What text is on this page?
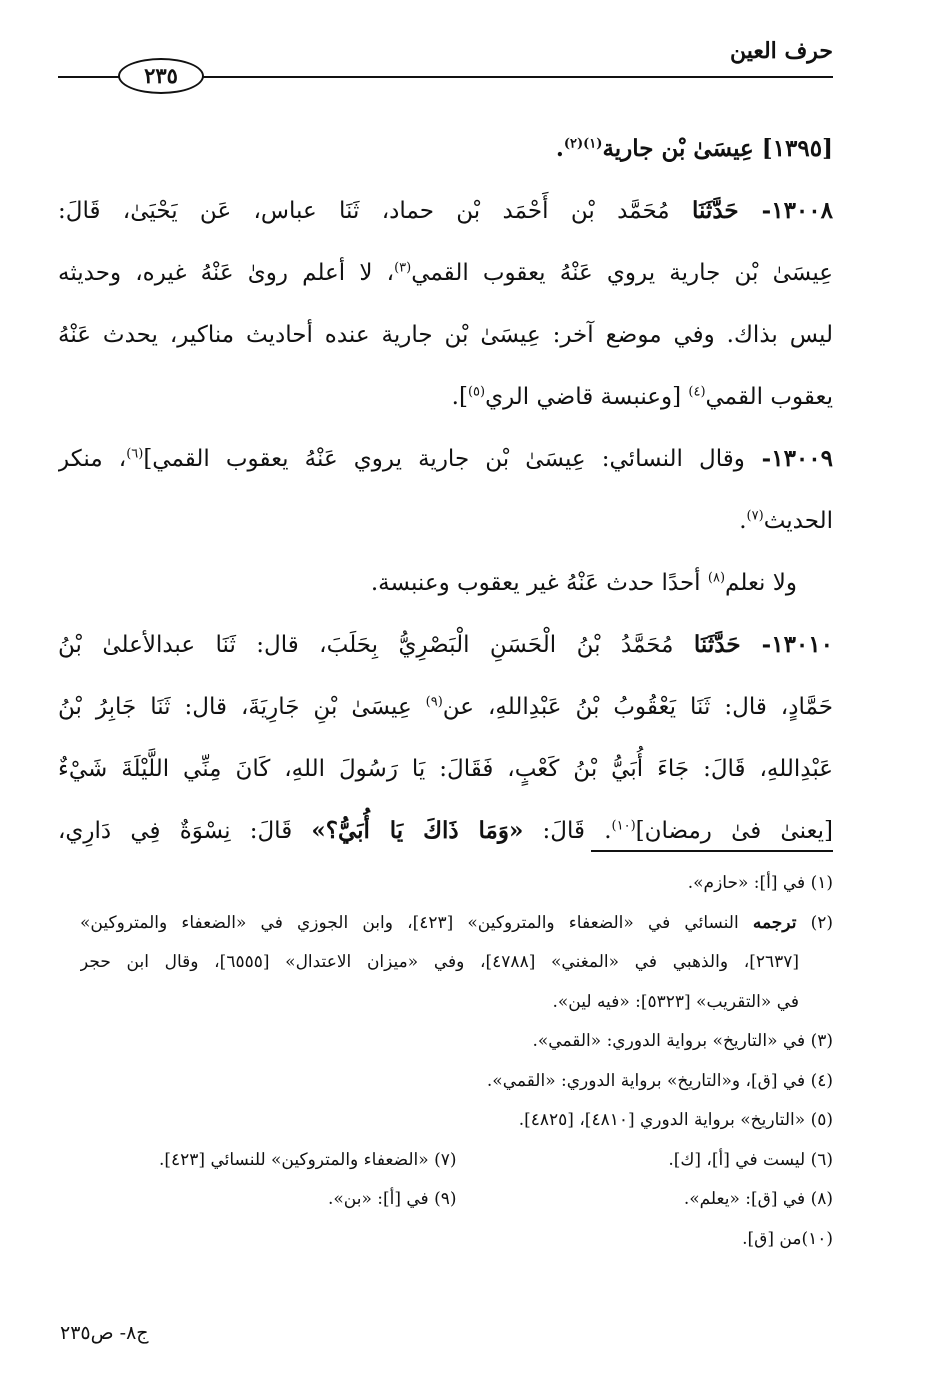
حرف العين
٢٣٥
[١٣٩٥] عِيسَىٰ بْن جارية$^{(١)(٢)}$.
١٣٠٠٨- حَدَّثَنَا مُحَمَّد بْن أَحْمَد بْن حماد، ثَنَا عباس، عَن يَحْيَىٰ، قَالَ:
عِيسَىٰ بْن جارية يروي عَنْهُ يعقوب القمي$^{(٣)}$، لا أعلم روىٰ عَنْهُ غيره، وحديثه
ليس بذاك. وفي موضع آخر: عِيسَىٰ بْن جارية عنده أحاديث مناكير، يحدث عَنْهُ
يعقوب القمي$^{(٤)}$ [وعنبسة قاضي الري$^{(٥)}$].
١٣٠٠٩- وقال النسائي: عِيسَىٰ بْن جارية يروي عَنْهُ يعقوب القمي]$^{(٦)}$، منكر
الحديث$^{(٧)}$.
ولا نعلم$^{(٨)}$ أحدًا حدث عَنْهُ غير يعقوب وعنبسة.
١٣٠١٠- حَدَّثَنَا مُحَمَّدُ بْنُ الْحَسَنِ الْبَصْرِيُّ بِحَلَبَ، قال: ثَنَا عبدالأعلىٰ بْنُ
حَمَّادٍ، قال: ثَنَا يَعْقُوبُ بْنُ عَبْدِاللهِ، عن$^{(٩)}$ عِيسَىٰ بْنِ جَارِيَةَ، قال: ثَنَا جَابِرُ بْنُ
عَبْدِاللهِ، قَالَ: جَاءَ أُبَيُّ بْنُ كَعْبٍ، فَقَالَ: يَا رَسُولَ اللهِ، كَانَ مِنِّي اللَّيْلَةَ شَيْءٌ
[يعنىٰ فىٰ رمضان]$^{(١٠)}$. قَالَ: «وَمَا ذَاكَ يَا أُبَيُّ؟» قَالَ: نِسْوَةٌ فِي دَارِي،
(١) في [أ]: «حازم».
(٢) ترجمه النسائي في «الضعفاء والمتروكين» [٤٢٣]، وابن الجوزي في «الضعفاء والمتروكين»
[٢٦٣٧]، والذهبي في «المغني» [٤٧٨٨]، وفي «ميزان الاعتدال» [٦٥٥٥]، وقال ابن حجر
في «التقريب» [٥٣٢٣]: «فيه لين».
(٣) في «التاريخ» برواية الدوري: «القمي».
(٤) في [ق]، و«التاريخ» برواية الدوري: «القمي».
(٥) «التاريخ» برواية الدوري [٤٨١٠]، [٤٨٢٥].
(٦) ليست في [أ]، [ك].
(٧) «الضعفاء والمتروكين» للنسائي [٤٢٣].
(٨) في [ق]: «يعلم».
(٩) في [أ]: «بن».
(١٠)من [ق].
ج٨- ص٢٣٥
